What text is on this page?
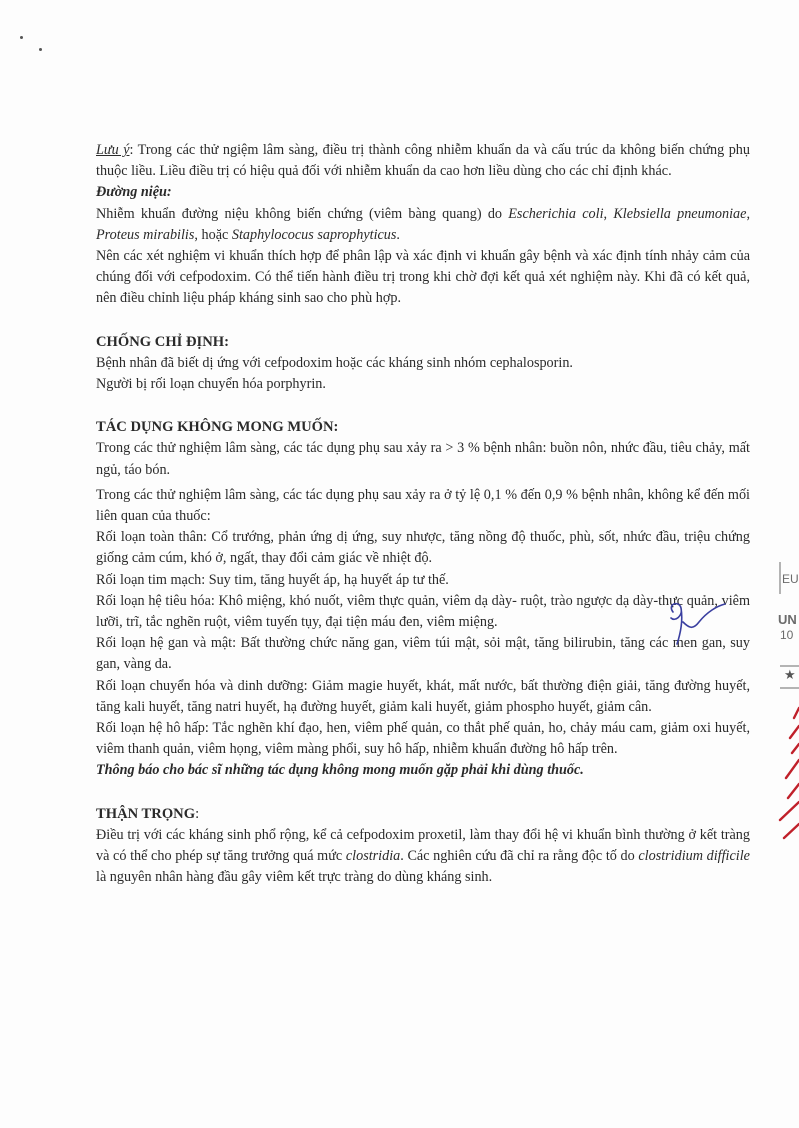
Lưu ý: Trong các thử ngiệm lâm sàng, điều trị thành công nhiễm khuẩn da và cấu trúc da không biến chứng phụ thuộc liều. Liều điều trị có hiệu quả đối với nhiễm khuẩn da cao hơn liều dùng cho các chỉ định khác.

Đường niệu:

Nhiễm khuẩn đường niệu không biến chứng (viêm bàng quang) do Escherichia coli, Klebsiella pneumoniae, Proteus mirabilis, hoặc Staphylococus saprophyticus.

Nên các xét nghiệm vi khuẩn thích hợp để phân lập và xác định vi khuẩn gây bệnh và xác định tính nhảy cảm của chúng đối với cefpodoxim. Có thể tiến hành điều trị trong khi chờ đợi kết quả xét nghiệm này. Khi đã có kết quả, nên điều chỉnh liệu pháp kháng sinh sao cho phù hợp.

CHỐNG CHỈ ĐỊNH:

Bệnh nhân đã biết dị ứng với cefpodoxim hoặc các kháng sinh nhóm cephalosporin.

Người bị rối loạn chuyển hóa porphyrin.

TÁC DỤNG KHÔNG MONG MUỐN:

Trong các thử nghiệm lâm sàng, các tác dụng phụ sau xảy ra > 3 % bệnh nhân: buồn nôn, nhức đầu, tiêu chảy, mất ngủ, táo bón.

Trong các thử nghiệm lâm sàng, các tác dụng phụ sau xảy ra ở tỷ lệ 0,1 % đến 0,9 % bệnh nhân, không kể đến mối liên quan của thuốc:

Rối loạn toàn thân: Cổ trướng, phản ứng dị ứng, suy nhược, tăng nồng độ thuốc, phù, sốt, nhức đầu, triệu chứng giống cảm cúm, khó ở, ngất, thay đổi cảm giác về nhiệt độ.

Rối loạn tim mạch: Suy tim, tăng huyết áp, hạ huyết áp tư thế.

Rối loạn hệ tiêu hóa: Khô miệng, khó nuốt, viêm thực quản, viêm dạ dày- ruột, trào ngược dạ dày-thực quản, viêm lưỡi, trĩ, tắc nghẽn ruột, viêm tuyến tụy, đại tiện máu đen, viêm miệng.

Rối loạn hệ gan và mật: Bất thường chức năng gan, viêm túi mật, sỏi mật, tăng bilirubin, tăng các men gan, suy gan, vàng da.

Rối loạn chuyển hóa và dinh dưỡng: Giảm magie huyết, khát, mất nước, bất thường điện giải, tăng đường huyết, tăng kali huyết, tăng natri huyết, hạ đường huyết, giảm kali huyết, giảm phospho huyết, giảm cân.

Rối loạn hệ hô hấp: Tắc nghẽn khí đạo, hen, viêm phế quản, co thắt phế quản, ho, chảy máu cam, giảm oxi huyết, viêm thanh quản, viêm họng, viêm màng phổi, suy hô hấp, nhiễm khuẩn đường hô hấp trên.

Thông báo cho bác sĩ những tác dụng không mong muốn gặp phải khi dùng thuốc.

THẬN TRỌNG:

Điều trị với các kháng sinh phổ rộng, kể cả cefpodoxim proxetil, làm thay đổi hệ vi khuẩn bình thường ở kết tràng và có thể cho phép sự tăng trưởng quá mức clostridia. Các nghiên cứu đã chỉ ra rằng độc tố do clostridium difficile là nguyên nhân hàng đầu gây viêm kết trực tràng do dùng kháng sinh.

EU
UN
10
★
